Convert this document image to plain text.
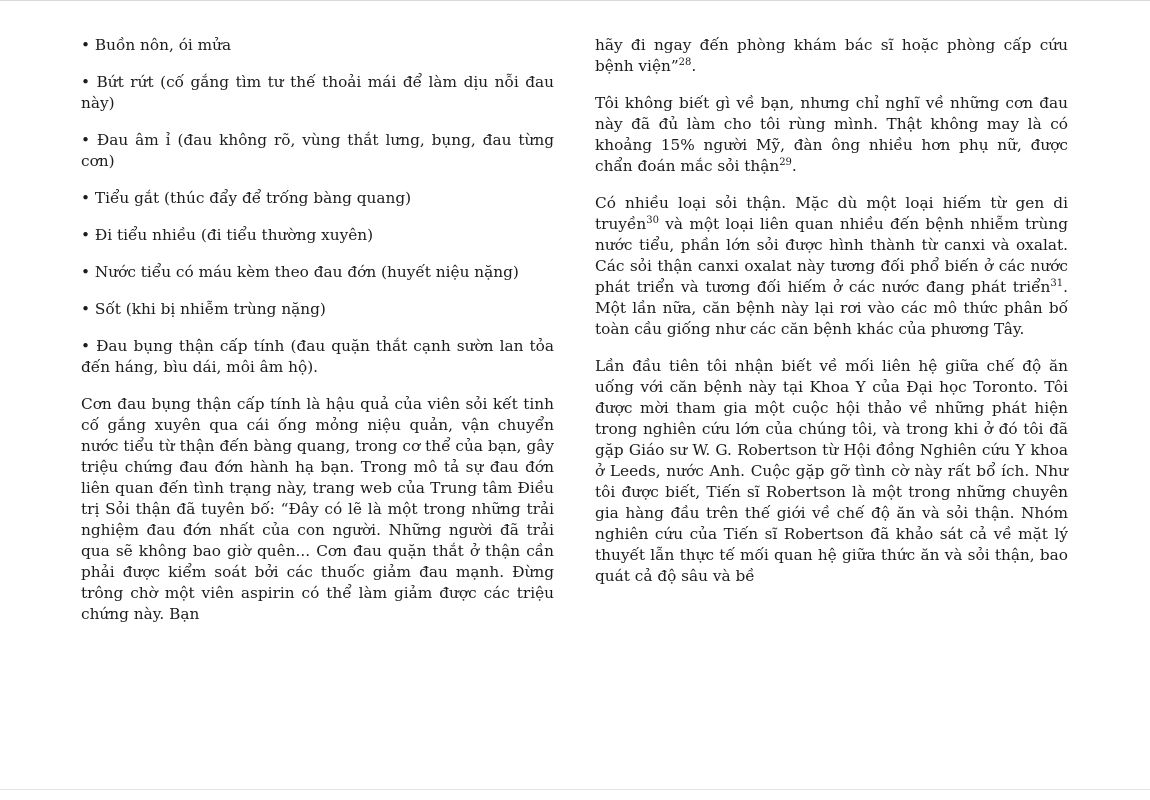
• Buồn nôn, ói mửa
• Bứt rứt (cố gắng tìm tư thế thoải mái để làm dịu nỗi đau này)
• Đau âm ỉ (đau không rõ, vùng thắt lưng, bụng, đau từng cơn)
• Tiểu gắt (thúc đẩy để trống bàng quang)
• Đi tiểu nhiều (đi tiểu thường xuyên)
• Nước tiểu có máu kèm theo đau đớn (huyết niệu nặng)
• Sốt (khi bị nhiễm trùng nặng)
• Đau bụng thận cấp tính (đau quặn thắt cạnh sườn lan tỏa đến háng, bìu dái, môi âm hộ).

Cơn đau bụng thận cấp tính là hậu quả của viên sỏi kết tinh cố gắng xuyên qua cái ống mỏng niệu quản, vận chuyển nước tiểu từ thận đến bàng quang, trong cơ thể của bạn, gây triệu chứng đau đớn hành hạ bạn. Trong mô tả sự đau đớn liên quan đến tình trạng này, trang web của Trung tâm Điều trị Sỏi thận đã tuyên bố: “Đây có lẽ là một trong những trải nghiệm đau đớn nhất của con người. Những người đã trải qua sẽ không bao giờ quên... Cơn đau quặn thắt ở thận cần phải được kiểm soát bởi các thuốc giảm đau mạnh. Đừng trông chờ một viên aspirin có thể làm giảm được các triệu chứng này. Bạn

hãy đi ngay đến phòng khám bác sĩ hoặc phòng cấp cứu bệnh viện”$^{28}$.

Tôi không biết gì về bạn, nhưng chỉ nghĩ về những cơn đau này đã đủ làm cho tôi rùng mình. Thật không may là có khoảng 15% người Mỹ, đàn ông nhiều hơn phụ nữ, được chẩn đoán mắc sỏi thận$^{29}$.

Có nhiều loại sỏi thận. Mặc dù một loại hiếm từ gen di truyền$^{30}$ và một loại liên quan nhiều đến bệnh nhiễm trùng nước tiểu, phần lớn sỏi được hình thành từ canxi và oxalat. Các sỏi thận canxi oxalat này tương đối phổ biến ở các nước phát triển và tương đối hiếm ở các nước đang phát triển$^{31}$. Một lần nữa, căn bệnh này lại rơi vào các mô thức phân bố toàn cầu giống như các căn bệnh khác của phương Tây.

Lần đầu tiên tôi nhận biết về mối liên hệ giữa chế độ ăn uống với căn bệnh này tại Khoa Y của Đại học Toronto. Tôi được mời tham gia một cuộc hội thảo về những phát hiện trong nghiên cứu lớn của chúng tôi, và trong khi ở đó tôi đã gặp Giáo sư W. G. Robertson từ Hội đồng Nghiên cứu Y khoa ở Leeds, nước Anh. Cuộc gặp gỡ tình cờ này rất bổ ích. Như tôi được biết, Tiến sĩ Robertson là một trong những chuyên gia hàng đầu trên thế giới về chế độ ăn và sỏi thận. Nhóm nghiên cứu của Tiến sĩ Robertson đã khảo sát cả về mặt lý thuyết lẫn thực tế mối quan hệ giữa thức ăn và sỏi thận, bao quát cả độ sâu và bề
